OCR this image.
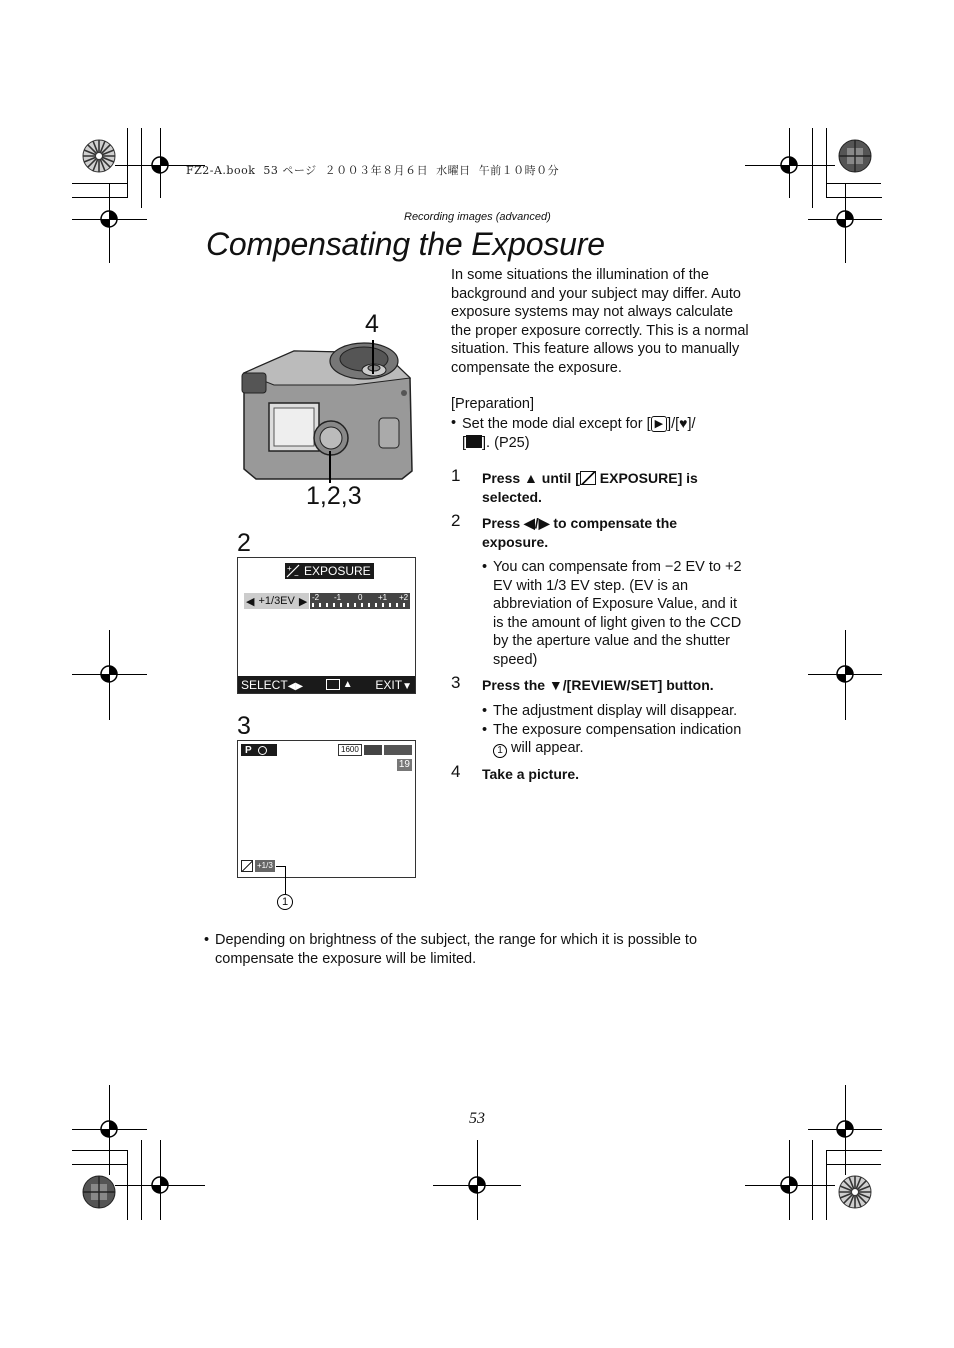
FZ2-A.book  53 ページ  ２００３年８月６日  水曜日  午前１０時０分
Recording images (advanced)
Compensating the Exposure
4
1,2,3
2
+
− EXPOSURE
◀ +1/3EV ▶ -2 -1 0 +1 +2
SELECT◀▶	▲ EXIT▼
3
P	1600
19
+1/3
1
In some situations the illumination of the background and your subject may differ. Auto exposure systems may not always calculate the proper exposure correctly. This is a normal situation. This feature allows you to manually compensate the exposure.
[Preparation]
• Set the mode dial except for [ ▶ ]/[♥]/
[ ]. (P25)
1 Press ▲ until [ EXPOSURE] is selected.
2 Press ◀/▶ to compensate the exposure.
• You can compensate from −2 EV to +2 EV with 1/3 EV step. (EV is an abbreviation of Exposure Value, and it is the amount of light given to the CCD by the aperture value and the shutter speed)
3 Press the ▼/[REVIEW/SET] button.
• The adjustment display will disappear.
• The exposure compensation indication
1 will appear.
4 Take a picture.
• Depending on brightness of the subject, the range for which it is possible to compensate the exposure will be limited.
53
